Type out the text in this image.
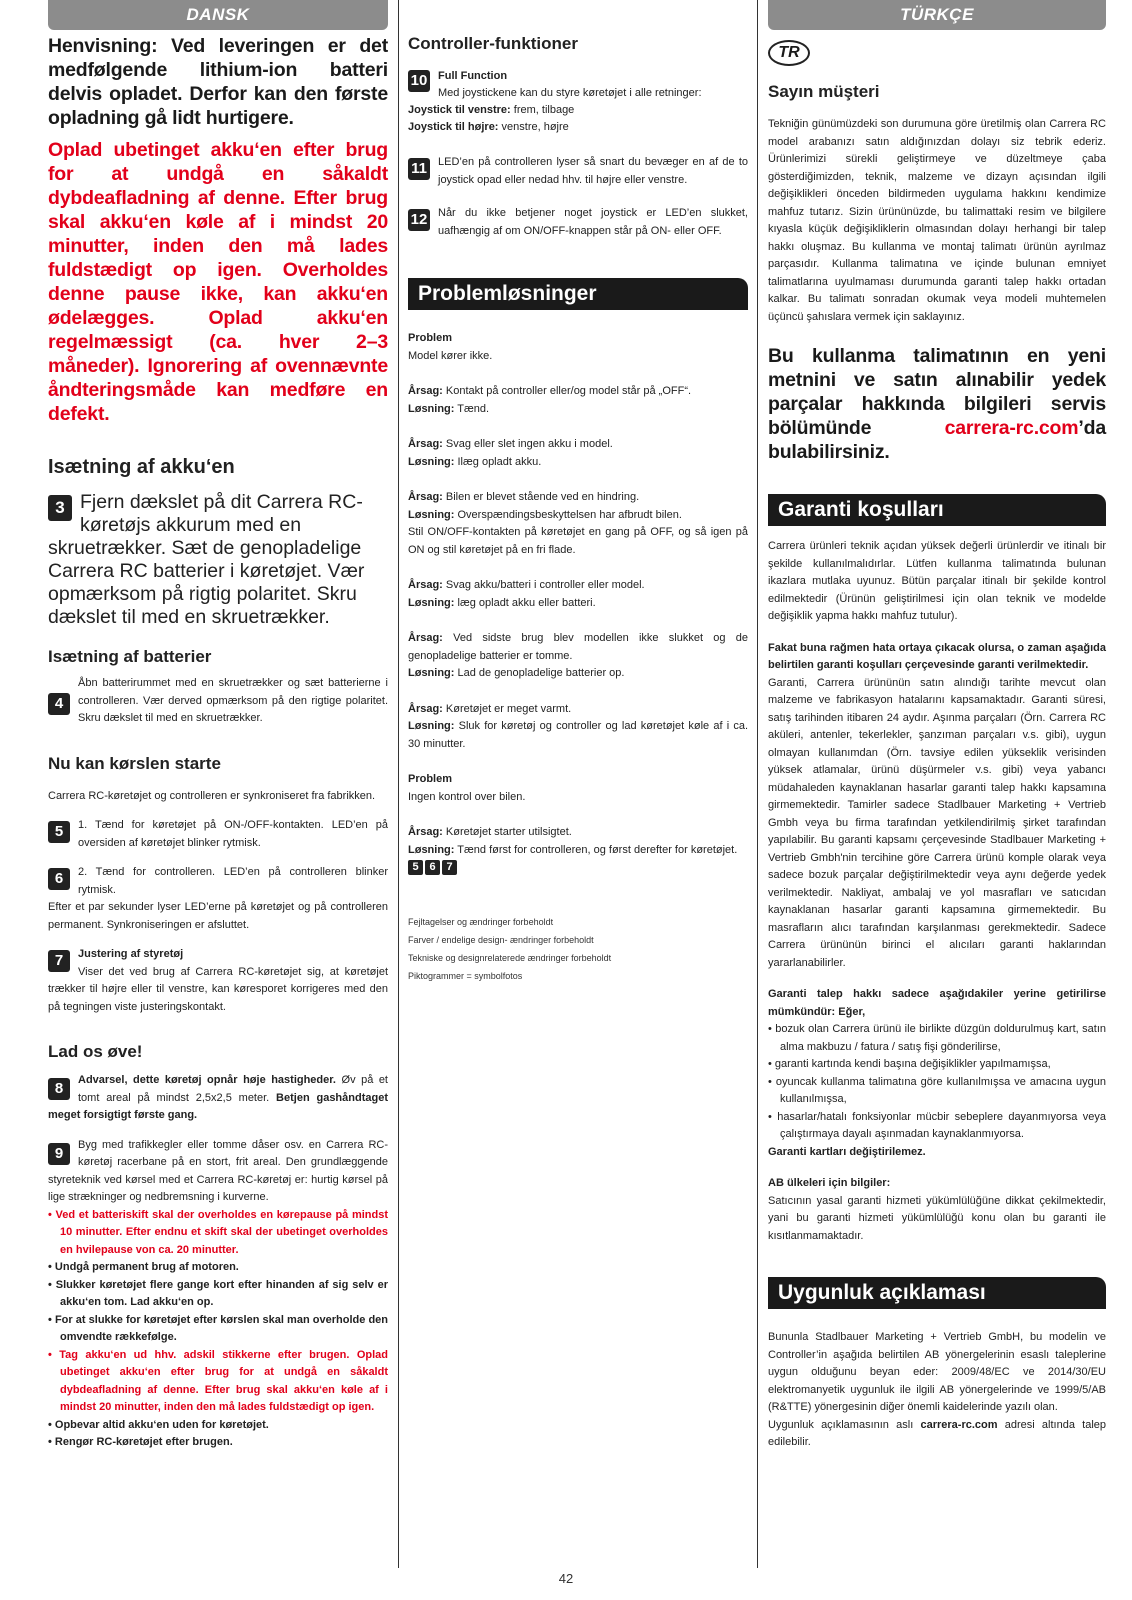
DANSK	TÜRKÇE

Henvisning: Ved leveringen er det medfølgende lithium-ion batteri delvis opladet. Derfor kan den første opladning gå lidt hurtigere.

Oplad ubetinget akku‘en efter brug for at undgå en såkaldt dybdeafladning af denne. Efter brug skal akku‘en køle af i mindst 20 minutter, inden den må lades fuldstædigt op igen. Overholdes denne pause ikke, kan akku‘en ødelægges. Oplad akku‘en regelmæssigt (ca. hver 2–3 måneder). Ignorering af ovennævnte åndteringsmåde kan medføre en defekt.

Isætning af akku‘en
3 Fjern dækslet på dit Carrera RC-køretøjs akkurum med en skruetrækker. Sæt de genopladelige Carrera RC batterier i køretøjet. Vær opmærksom på rigtig polaritet. Skru dækslet til med en skruetrækker.
Isætning af batterier
4
Åbn batterirummet med en skruetrækker og sæt batterierne i controlleren. Vær derved opmærksom på den rigtige polaritet. Skru dækslet til med en skruetrækker.
Nu kan kørslen starte

Carrera RC-køretøjet og controlleren er synkroniseret fra fabrikken.

5	1. Tænd for køretøjet på ON-/OFF-kontakten. LED’en på oversiden af køretøjet blinker rytmisk.
6	2. Tænd for controlleren. LED’en på controlleren blinker rytmisk.

Efter et par sekunder lyser LED’erne på køretøjet og på controlleren permanent. Synkroniseringen er afsluttet.

7	Justering af styretøj
Viser det ved brug af Carrera RC-køretøjet sig, at køretøjet trækker til højre eller til venstre, kan køresporet korrigeres med den på tegningen viste justeringskontakt.
Lad os øve!
8	Advarsel, dette køretøj opnår høje hastigheder. Øv på et tomt areal på mindst 2,5x2,5 meter. Betjen gashåndtaget meget forsigtigt første gang.
9	Byg med trafikkegler eller tomme dåser osv. en Carrera RC-køretøj racerbane på en stort, frit areal. Den grundlæggende styreteknik ved kørsel med et Carrera RC-køretøj er: hurtig kørsel på lige strækninger og nedbremsning i kurverne.
• Ved et batteriskift skal der overholdes en kørepause på mindst 10 minutter. Efter endnu et skift skal der ubetinget overholdes en hvilepause von ca. 20 minutter.
• Undgå permanent brug af motoren.
• Slukker køretøjet flere gange kort efter hinanden af sig selv er akku‘en tom. Lad akku‘en op.
• For at slukke for køretøjet efter kørslen skal man overholde den omvendte rækkefølge.
• Tag akku‘en ud hhv. adskil stikkerne efter brugen. Oplad ubetinget akku‘en efter brug for at undgå en såkaldt dybdeafladning af denne. Efter brug skal akku‘en køle af i mindst 20 minutter, inden den må lades fuldstædigt op igen.
• Opbevar altid akku‘en uden for køretøjet.
• Rengør RC-køretøjet efter brugen.
Controller-funktioner
10 Full Function
Med joystickene kan du styre køretøjet i alle retninger:
Joystick til venstre: frem, tilbage
Joystick til højre: venstre, højre
11 LED’en på controlleren lyser så snart du bevæger en af de to joystick opad eller nedad hhv. til højre eller venstre.
12 Når du ikke betjener noget joystick er LED’en slukket, uafhængig af om ON/OFF-knappen står på ON- eller OFF.
Problemløsninger
Problem
Model kører ikke.
Årsag: Kontakt på controller eller/og model står på „OFF“.
Løsning: Tænd.
Årsag: Svag eller slet ingen akku i model.
Løsning: Ilæg opladt akku.
Årsag: Bilen er blevet stående ved en hindring.
Løsning: Overspændingsbeskyttelsen har afbrudt bilen.
Stil ON/OFF-kontakten på køretøjet en gang på OFF, og så igen på ON og stil køretøjet på en fri flade.
Årsag: Svag akku/batteri i controller eller model.
Løsning: læg opladt akku eller batteri.
Årsag: Ved sidste brug blev modellen ikke slukket og de genopladelige batterier er tomme.
Løsning: Lad de genopladelige batterier op.
Årsag: Køretøjet er meget varmt.
Løsning: Sluk for køretøj og controller og lad køretøjet køle af i ca. 30 minutter.
Problem
Ingen kontrol over bilen.
Årsag: Køretøjet starter utilsigtet.
Løsning: Tænd først for controlleren, og først derefter for køretøjet.
5 6 7
Fejltagelser og ændringer forbeholdt
Farver / endelige design- ændringer forbeholdt
Tekniske og designrelaterede ændringer forbeholdt
Piktogrammer = symbolfotos
TR
Sayın müşteri

Tekniğin günümüzdeki son durumuna göre üretilmiş olan Carrera RC model arabanızı satın aldığınızdan dolayı siz tebrik ederiz. Ürünlerimizi sürekli geliştirmeye ve düzeltmeye çaba gösterdiğimizden, teknik, malzeme ve dizayn açısından ilgili değişiklikleri önceden bildirmeden uygulama hakkını kendimize mahfuz tutarız. Sizin ürününüzde, bu talimattaki resim ve bilgilere kıyasla küçük değişikliklerin olmasından dolayı herhangi bir talep hakkı oluşmaz. Bu kullanma ve montaj talimatı ürünün ayrılmaz parçasıdır. Kullanma talimatına ve içinde bulunan emniyet talimatlarına uyulmaması durumunda garanti talep hakkı ortadan kalkar. Bu talimatı sonradan okumak veya modeli muhtemelen üçüncü şahıslara vermek için saklayınız.

Bu kullanma talimatının en yeni metnini ve satın alınabilir yedek parçalar hakkında bilgileri servis bölümünde carrera-rc.com’da bulabilirsiniz.

Garanti koşulları

Carrera ürünleri teknik açıdan yüksek değerli ürünlerdir ve itinalı bir şekilde kullanılmalıdırlar. Lütfen kullanma talimatında bulunan ikazlara mutlaka uyunuz. Bütün parçalar itinalı bir şekilde kontrol edilmektedir (Ürünün geliştirilmesi için olan teknik ve modelde değişiklik yapma hakkı mahfuz tutulur).

Fakat buna rağmen hata ortaya çıkacak olursa, o zaman aşağıda belirtilen garanti koşulları çerçevesinde garanti verilmektedir.

Garanti, Carrera ürününün satın alındığı tarihte mevcut olan malzeme ve fabrikasyon hatalarını kapsamaktadır. Garanti süresi, satış tarihinden itibaren 24 aydır. Aşınma parçaları (Örn. Carrera RC aküleri, antenler, tekerlekler, şanzıman parçaları v.s. gibi), uygun olmayan kullanımdan (Örn. tavsiye edilen yükseklik verisinden yüksek atlamalar, ürünü düşürmeler v.s. gibi) veya yabancı müdahaleden kaynaklanan hasarlar garanti talep hakkı kapsamına girmemektedir. Tamirler sadece Stadlbauer Marketing + Vertrieb Gmbh veya bu firma tarafından yetkilendirilmiş şirket tarafından yapılabilir. Bu garanti kapsamı çerçevesinde Stadlbauer Marketing + Vertrieb Gmbh'nin tercihine göre Carrera ürünü komple olarak veya sadece bozuk parçalar değiştirilmektedir veya aynı değerde yedek verilmektedir. Nakliyat, ambalaj ve yol masrafları ve satıcıdan kaynaklanan hasarlar garanti kapsamına girmemektedir. Bu masrafların alıcı tarafından karşılanması gerekmektedir. Sadece Carrera ürününün birinci el alıcıları garanti haklarından yararlanabilirler.

Garanti talep hakkı sadece aşağıdakiler yerine getirilirse mümkündür: Eğer,

• bozuk olan Carrera ürünü ile birlikte düzgün doldurulmuş kart, satın alma makbuzu / fatura / satış fişi gönderilirse,
• garanti kartında kendi başına değişiklikler yapılmamışsa,
• oyuncak kullanma talimatına göre kullanılmışsa ve amacına uygun kullanılmışsa,
• hasarlar/hatalı fonksiyonlar mücbir sebeplere dayanmıyorsa veya çalıştırmaya dayalı aşınmadan kaynaklanmıyorsa.

Garanti kartları değiştirilemez.

AB ülkeleri için bilgiler:

Satıcının yasal garanti hizmeti yükümlülüğüne dikkat çekilmektedir, yani bu garanti hizmeti yükümlülüğü konu olan bu garanti ile kısıtlanmamaktadır.

Uygunluk açıklaması

Bununla Stadlbauer Marketing + Vertrieb GmbH, bu modelin ve Controller’in aşağıda belirtilen AB yönergelerinin esaslı taleplerine uygun olduğunu beyan eder: 2009/48/EC ve 2014/30/EU elektromanyetik uygunluk ile ilgili AB yönergelerinde ve 1999/5/AB (R&TTE) yönergesinin diğer önemli kaidelerinde yazılı olan.

Uygunluk açıklamasının aslı carrera-rc.com adresi altında talep edilebilir.

42
